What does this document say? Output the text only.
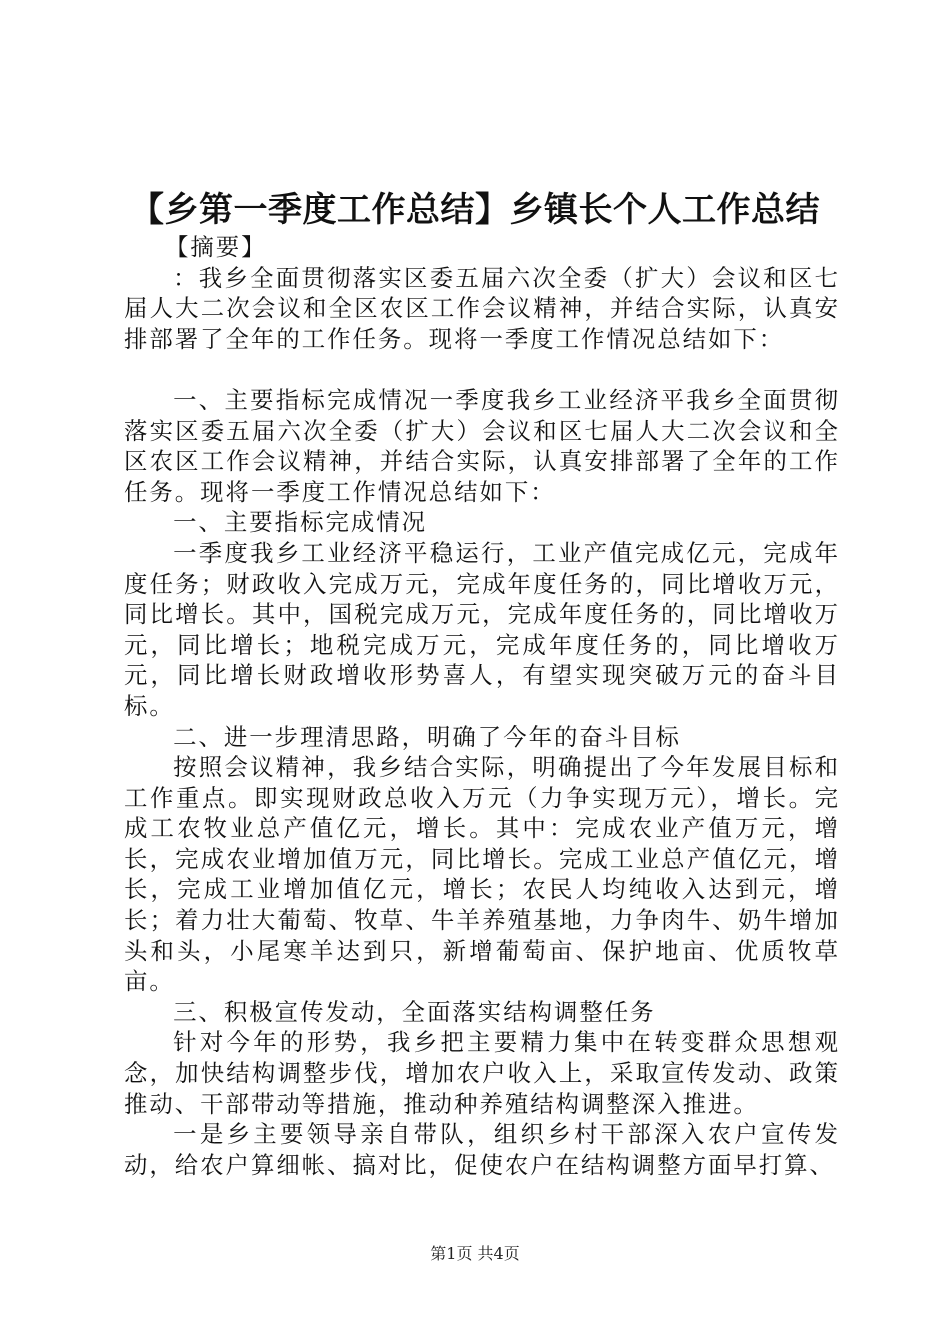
【乡第一季度工作总结】乡镇长个人工作总结

【摘要】

：我乡全面贯彻落实区委五届六次全委（扩大）会议和区七届人大二次会议和全区农区工作会议精神，并结合实际，认真安排部署了全年的工作任务。现将一季度工作情况总结如下：

一、主要指标完成情况一季度我乡工业经济平我乡全面贯彻落实区委五届六次全委（扩大）会议和区七届人大二次会议和全区农区工作会议精神，并结合实际，认真安排部署了全年的工作任务。现将一季度工作情况总结如下：

一、主要指标完成情况

一季度我乡工业经济平稳运行，工业产值完成亿元，完成年度任务；财政收入完成万元，完成年度任务的，同比增收万元，同比增长。其中，国税完成万元，完成年度任务的，同比增收万元，同比增长；地税完成万元，完成年度任务的，同比增收万元，同比增长财政增收形势喜人，有望实现突破万元的奋斗目标。

二、进一步理清思路，明确了今年的奋斗目标

按照会议精神，我乡结合实际，明确提出了今年发展目标和工作重点。即实现财政总收入万元（力争实现万元），增长。完成工农牧业总产值亿元，增长。其中：完成农业产值万元，增长，完成农业增加值万元，同比增长。完成工业总产值亿元，增长，完成工业增加值亿元，增长；农民人均纯收入达到元，增长；着力壮大葡萄、牧草、牛羊养殖基地，力争肉牛、奶牛增加头和头，小尾寒羊达到只，新增葡萄亩、保护地亩、优质牧草亩。

三、积极宣传发动，全面落实结构调整任务

针对今年的形势，我乡把主要精力集中在转变群众思想观念，加快结构调整步伐，增加农户收入上，采取宣传发动、政策推动、干部带动等措施，推动种养殖结构调整深入推进。

一是乡主要领导亲自带队，组织乡村干部深入农户宣传发动，给农户算细帐、搞对比，促使农户在结构调整方面早打算、

第1页 共4页
